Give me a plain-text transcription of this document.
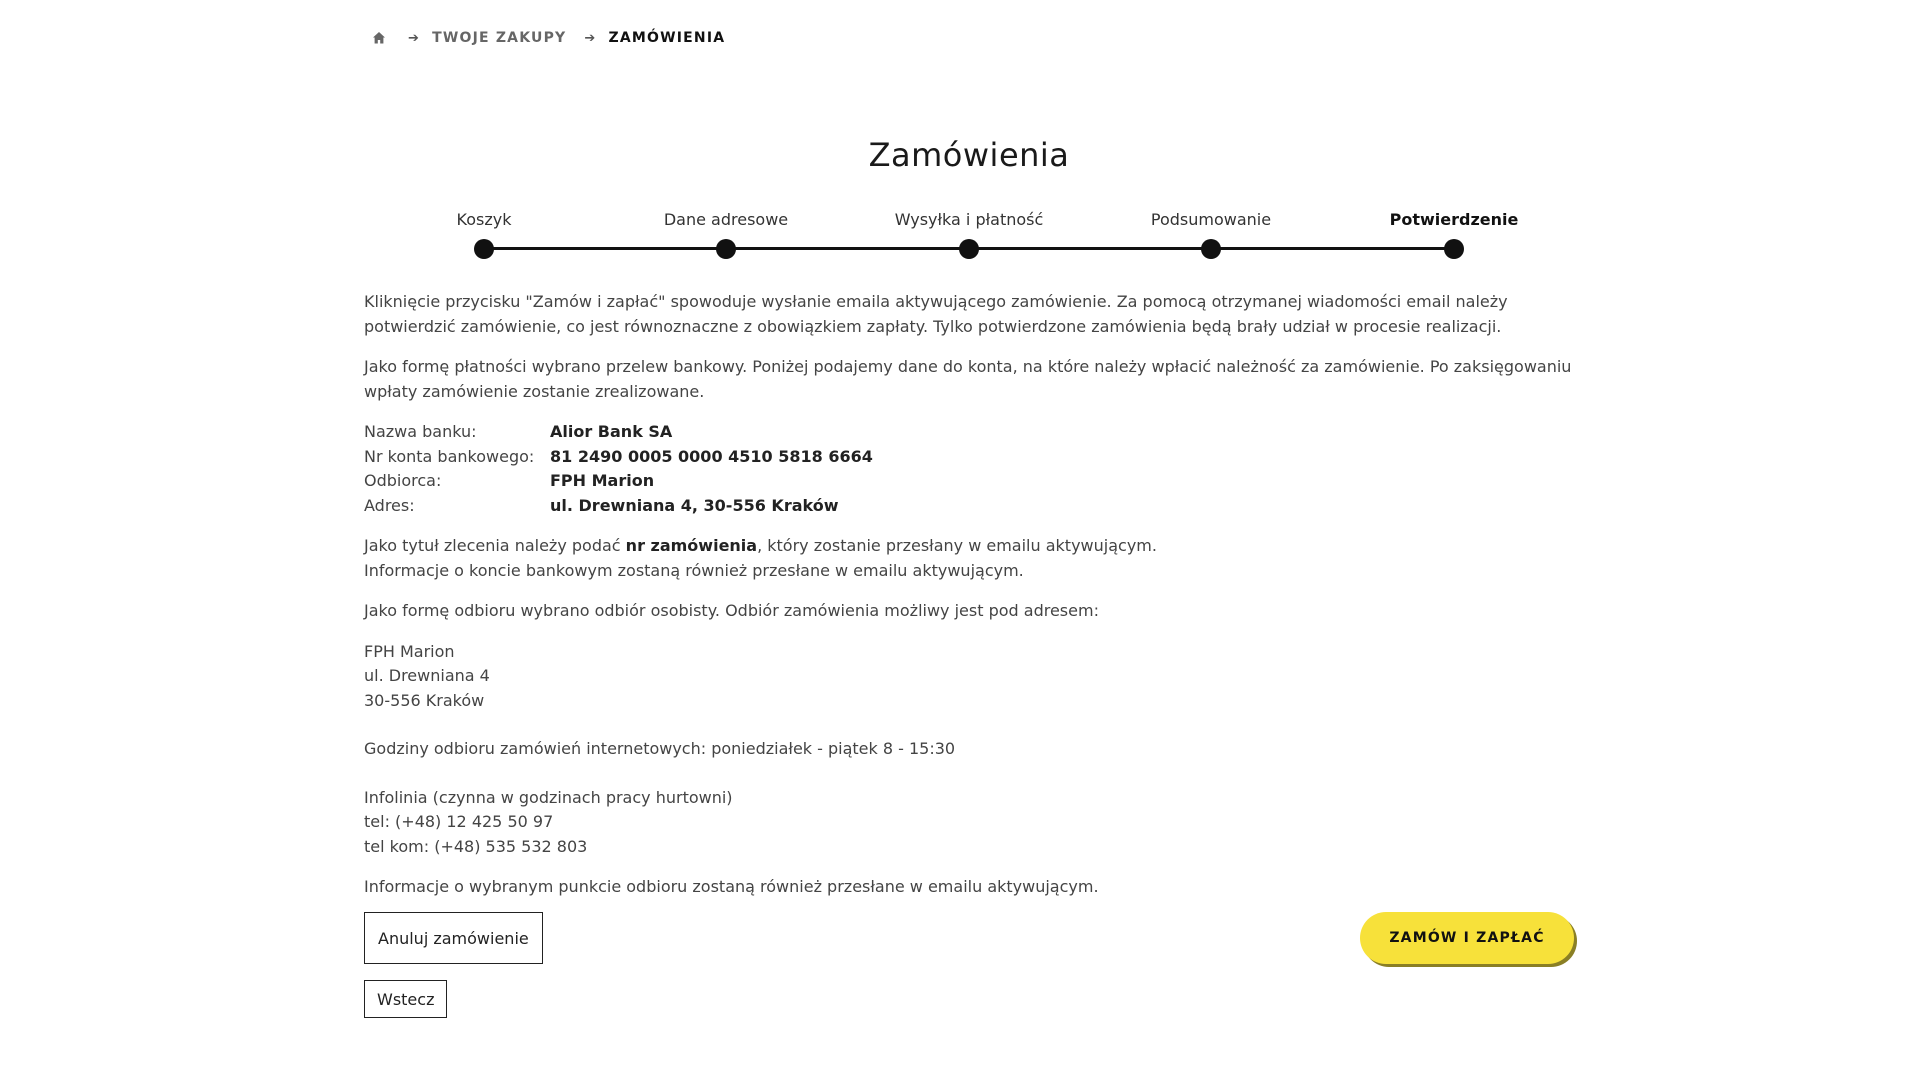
➔ TWOJE ZAKUPY ➔ ZAMÓWIENIA
Zamówienia
Koszyk	Dane adresowe	Wysyłka i płatność	Podsumowanie	Potwierdzenie

Kliknięcie przycisku "Zamów i zapłać" spowoduje wysłanie emaila aktywującego zamówienie. Za pomocą otrzymanej wiadomości email należy potwierdzić zamówienie, co jest równoznaczne z obowiązkiem zapłaty. Tylko potwierdzone zamówienia będą brały udział w procesie realizacji.

Jako formę płatności wybrano przelew bankowy. Poniżej podajemy dane do konta, na które należy wpłacić należność za zamówienie. Po zaksięgowaniu wpłaty zamówienie zostanie zrealizowane.

Nazwa banku:	Alior Bank SA
Nr konta bankowego: 81 2490 0005 0000 4510 5818 6664
Odbiorca:	FPH Marion
Adres:	ul. Drewniana 4, 30-556 Kraków

Jako tytuł zlecenia należy podać nr zamówienia, który zostanie przesłany w emailu aktywującym.
Informacje o koncie bankowym zostaną również przesłane w emailu aktywującym.

Jako formę odbioru wybrano odbiór osobisty. Odbiór zamówienia możliwy jest pod adresem:

FPH Marion
ul. Drewniana 4
30-556 Kraków
Godziny odbioru zamówień internetowych: poniedziałek - piątek 8 - 15:30
Infolinia (czynna w godzinach pracy hurtowni)
tel: (+48) 12 425 50 97
tel kom: (+48) 535 532 803

Informacje o wybranym punkcie odbioru zostaną również przesłane w emailu aktywującym.

Anuluj zamówienie
Wstecz
ZAMÓW I ZAPŁAĆ
